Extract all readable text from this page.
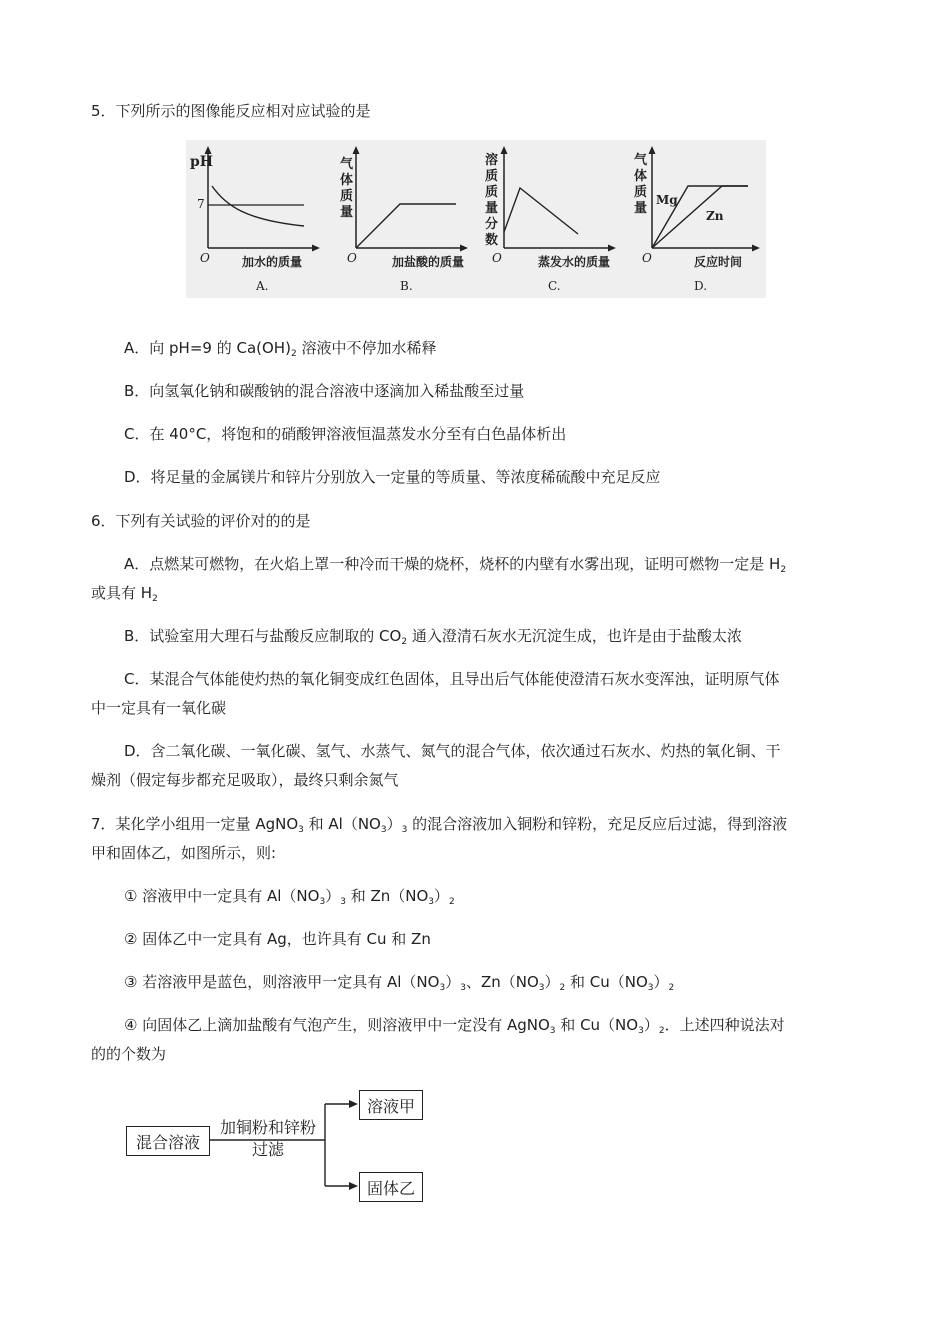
5．下列所示的图像能反应相对应试验的是
pH
7
O	加水的质量
A.
气
体
质
量
O	加盐酸的质量
B.
溶
质
质
量
分
数
O	蒸发水的质量
C.
气
体
质
量
Mg
Zn
O	反应时间
D.
A．向 pH=9 的 $Ca(OH)_2$ 溶液中不停加水稀释
B．向氢氧化钠和碳酸钠的混合溶液中逐滴加入稀盐酸至过量
C．在 40°C，将饱和的硝酸钾溶液恒温蒸发水分至有白色晶体析出
D．将足量的金属镁片和锌片分别放入一定量的等质量、等浓度稀硫酸中充足反应
6．下列有关试验的评价对的的是
A．点燃某可燃物，在火焰上罩一种冷而干燥的烧杯，烧杯的内壁有水雾出现，证明可燃物一定是 $H_2$
或具有 $H_2$
B．试验室用大理石与盐酸反应制取的 $CO_2$ 通入澄清石灰水无沉淀生成，也许是由于盐酸太浓
C．某混合气体能使灼热的氧化铜变成红色固体，且导出后气体能使澄清石灰水变浑浊，证明原气体
中一定具有一氧化碳
D．含二氧化碳、一氧化碳、氢气、水蒸气、氮气的混合气体，依次通过石灰水、灼热的氧化铜、干
燥剂（假定每步都充足吸取），最终只剩余氮气
7．某化学小组用一定量 AgNO$_3$ 和 $Al(NO_3)_3$ 的混合溶液加入铜粉和锌粉，充足反应后过滤，得到溶液
甲和固体乙，如图所示，则:
① 溶液甲中一定具有 $Al(NO_3)_3$ 和 $Zn(NO_3)_2$
② 固体乙中一定具有 Ag，也许具有 Cu 和 Zn
③ 若溶液甲是蓝色，则溶液甲一定具有 $Al(NO_3)_3$、$Zn(NO_3)_2$ 和 $Cu(NO_3)_2$
④ 向固体乙上滴加盐酸有气泡产生，则溶液甲中一定没有 AgNO$_3$ 和 $Cu(NO_3)_2$．上述四种说法对
的的个数为
混合溶液
加铜粉和锌粉
过滤
溶液甲
固体乙
